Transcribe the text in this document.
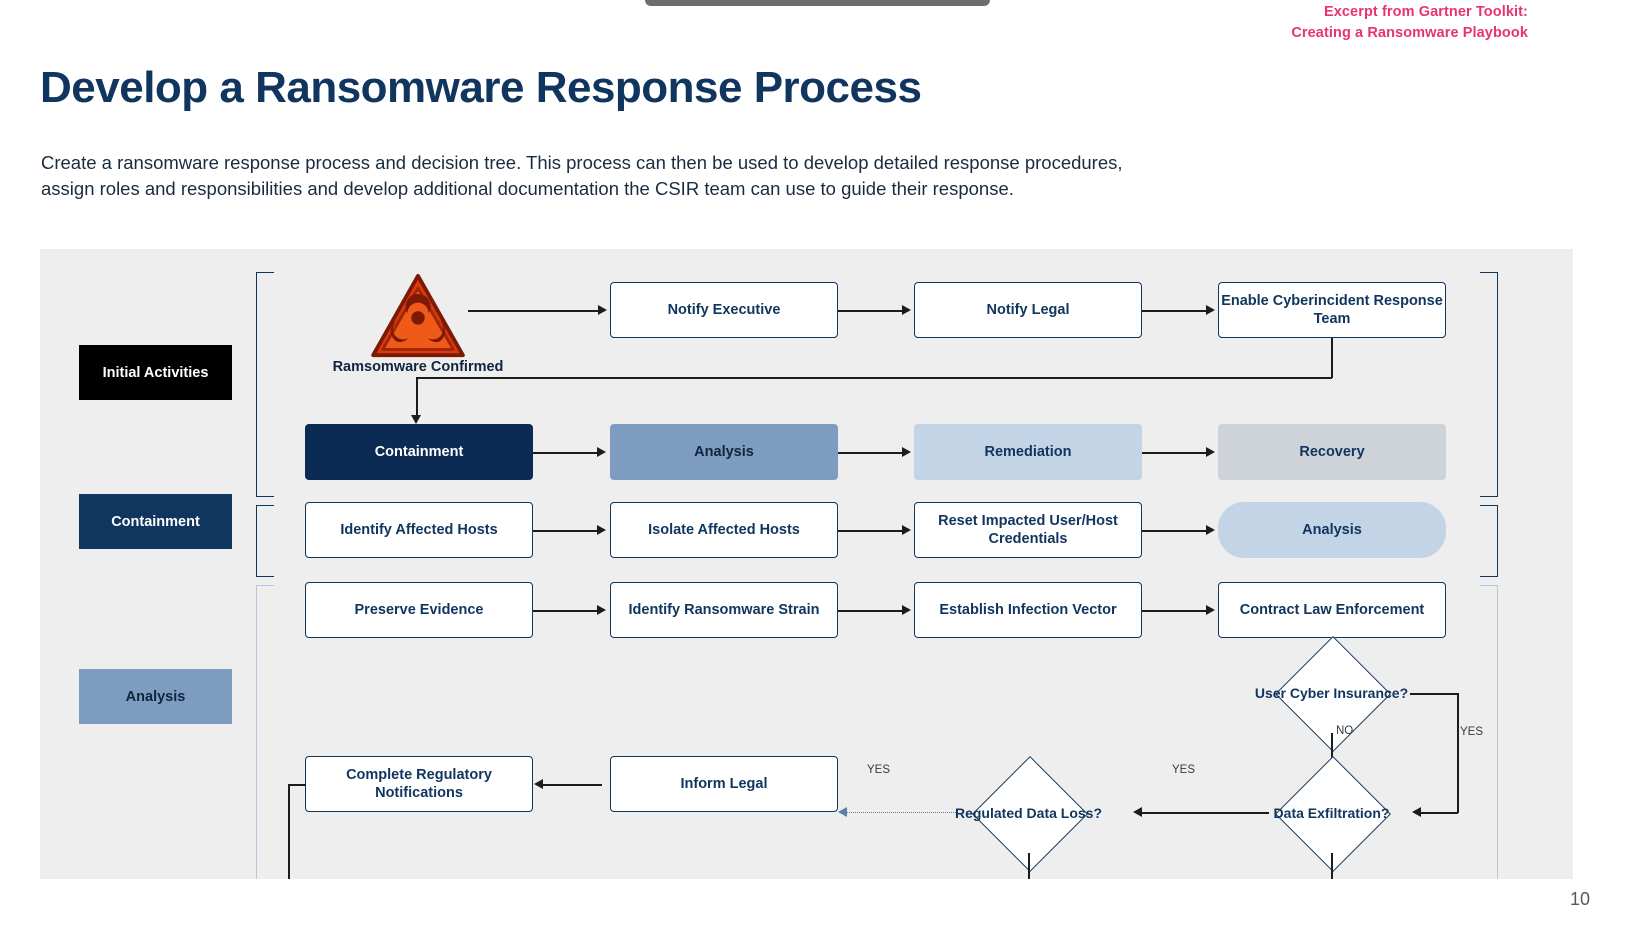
Excerpt from Gartner Toolkit:
Creating a Ransomware Playbook
Develop a Ransomware Response Process
Create a ransomware response process and decision tree. This process can then be used to develop detailed response procedures, assign roles and responsibilities and develop additional documentation the CSIR team can use to guide their response.
Initial Activities
Containment
Analysis
Ramsomware Confirmed
Notify Executive	Notify Legal
Enable Cyberincident Response Team
Containment	Analysis	Remediation	Recovery
Identify Affected Hosts	Isolate Affected Hosts
Reset Impacted User/Host Credentials
Analysis
Preserve Evidence	Identify Ransomware Strain	Establish Infection Vector	Contract Law Enforcement
User Cyber Insurance?
NO	YES
Data Exfiltration?
YES
Regulated Data Loss?
YES
Complete Regulatory Notifications
Inform Legal
10
